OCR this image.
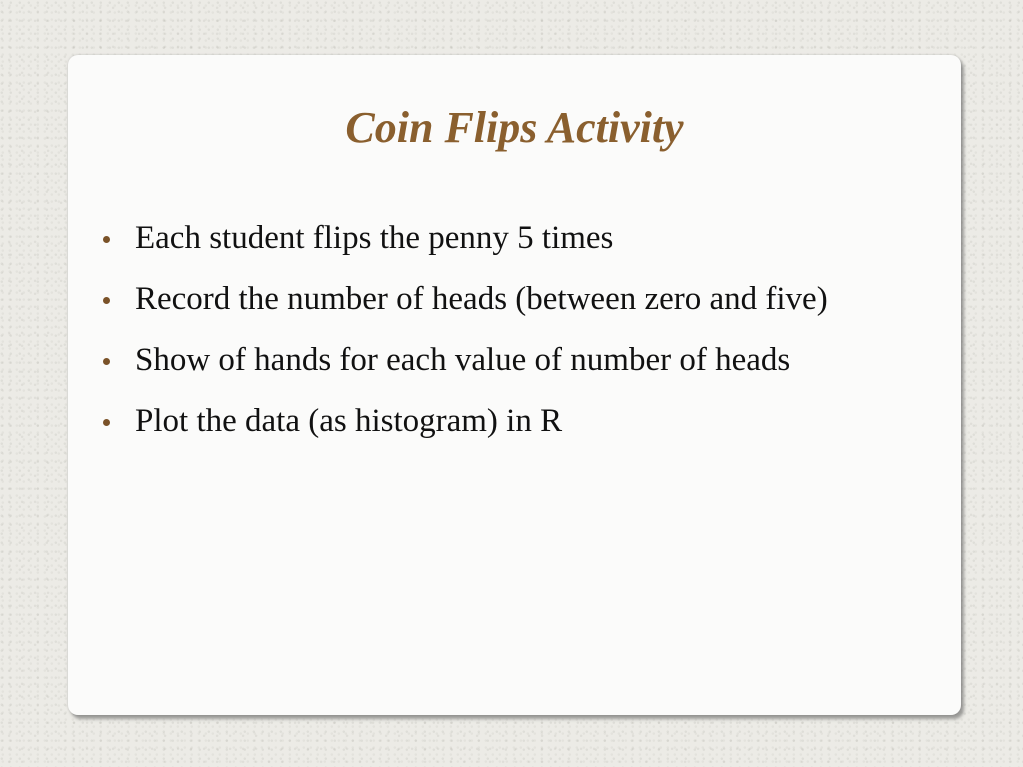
Coin Flips Activity
Each student flips the penny 5 times
Record the number of heads (between zero and five)
Show of hands for each value of number of heads
Plot the data (as histogram) in R
